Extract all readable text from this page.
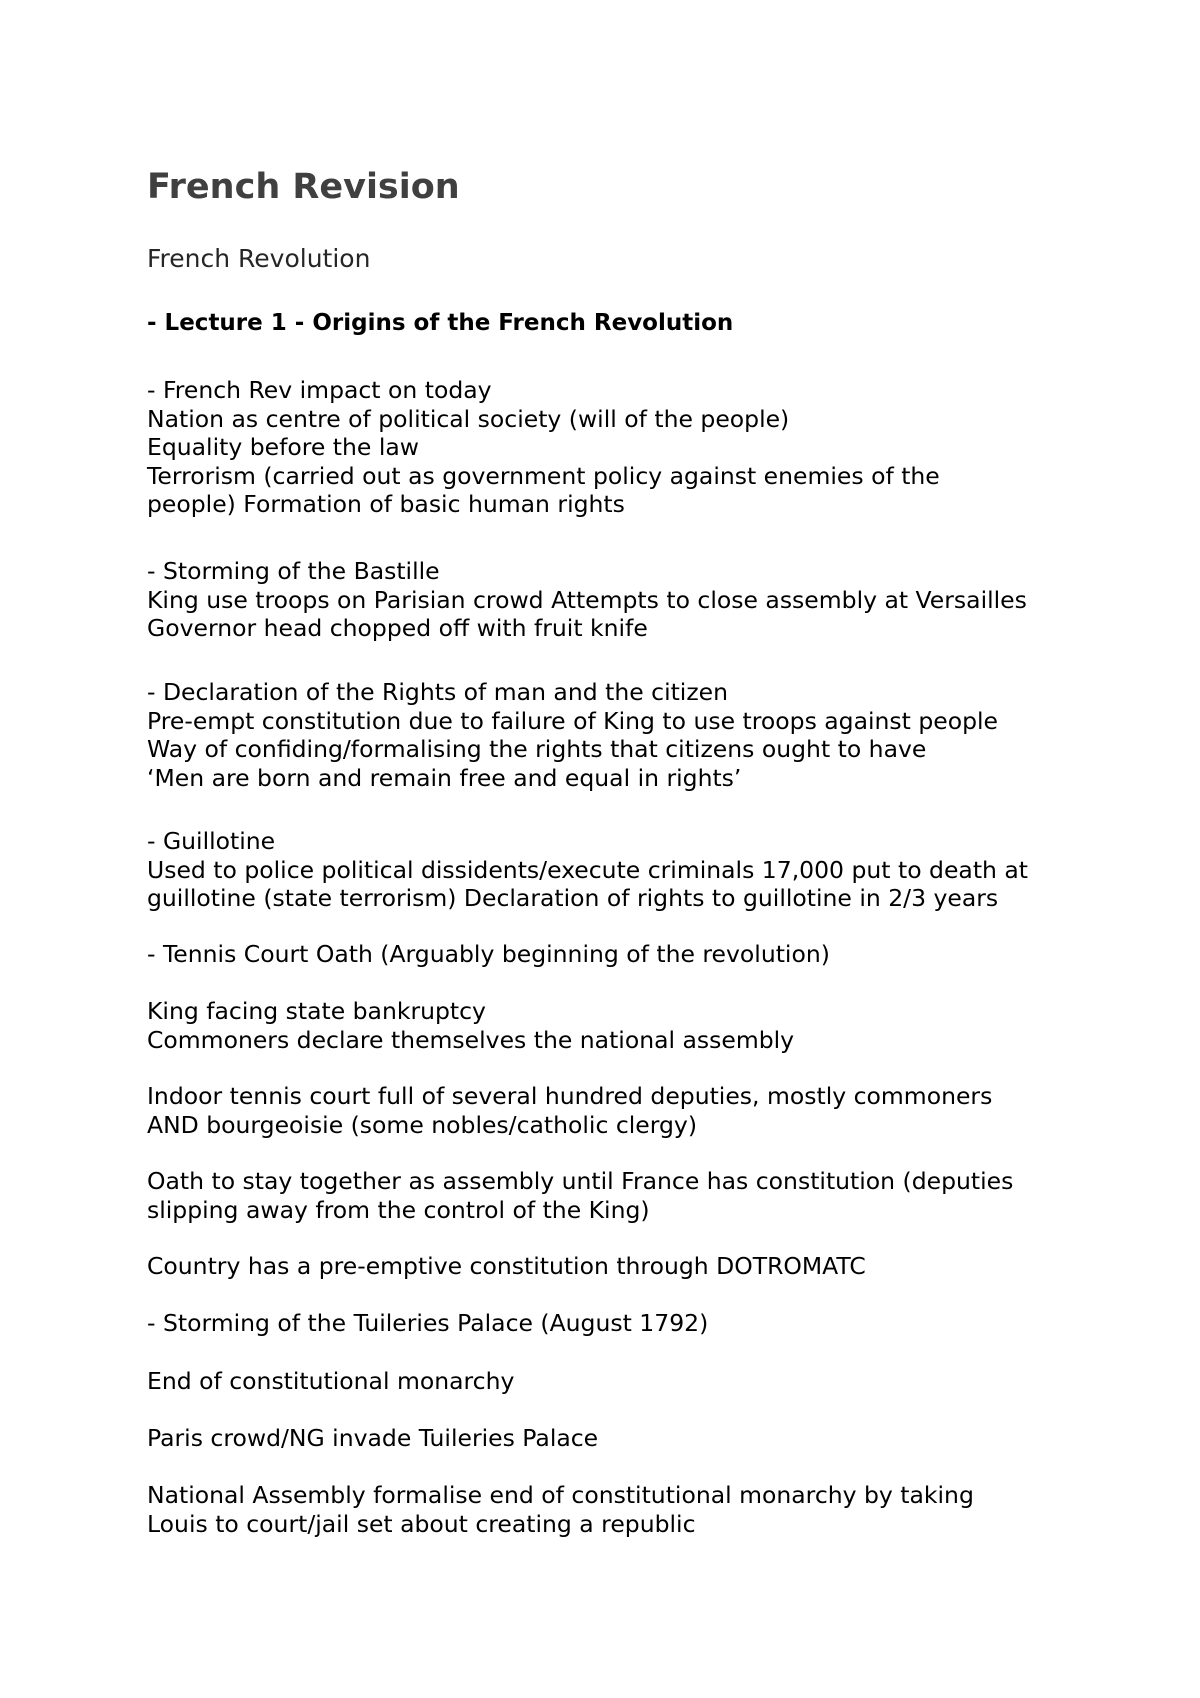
French Revision
French Revolution
- Lecture 1 - Origins of the French Revolution
- French Rev impact on today
Nation as centre of political society (will of the people)
Equality before the law
Terrorism (carried out as government policy against enemies of the
people) Formation of basic human rights
- Storming of the Bastille
King use troops on Parisian crowd Attempts to close assembly at Versailles
Governor head chopped off with fruit knife
- Declaration of the Rights of man and the citizen
Pre-empt constitution due to failure of King to use troops against people
Way of confiding/formalising the rights that citizens ought to have
‘Men are born and remain free and equal in rights’
- Guillotine
Used to police political dissidents/execute criminals 17,000 put to death at
guillotine (state terrorism) Declaration of rights to guillotine in 2/3 years
- Tennis Court Oath (Arguably beginning of the revolution)
King facing state bankruptcy
Commoners declare themselves the national assembly
Indoor tennis court full of several hundred deputies, mostly commoners
AND bourgeoisie (some nobles/catholic clergy)
Oath to stay together as assembly until France has constitution (deputies
slipping away from the control of the King)
Country has a pre-emptive constitution through DOTROMATC
- Storming of the Tuileries Palace (August 1792)
End of constitutional monarchy
Paris crowd/NG invade Tuileries Palace
National Assembly formalise end of constitutional monarchy by taking
Louis to court/jail set about creating a republic
